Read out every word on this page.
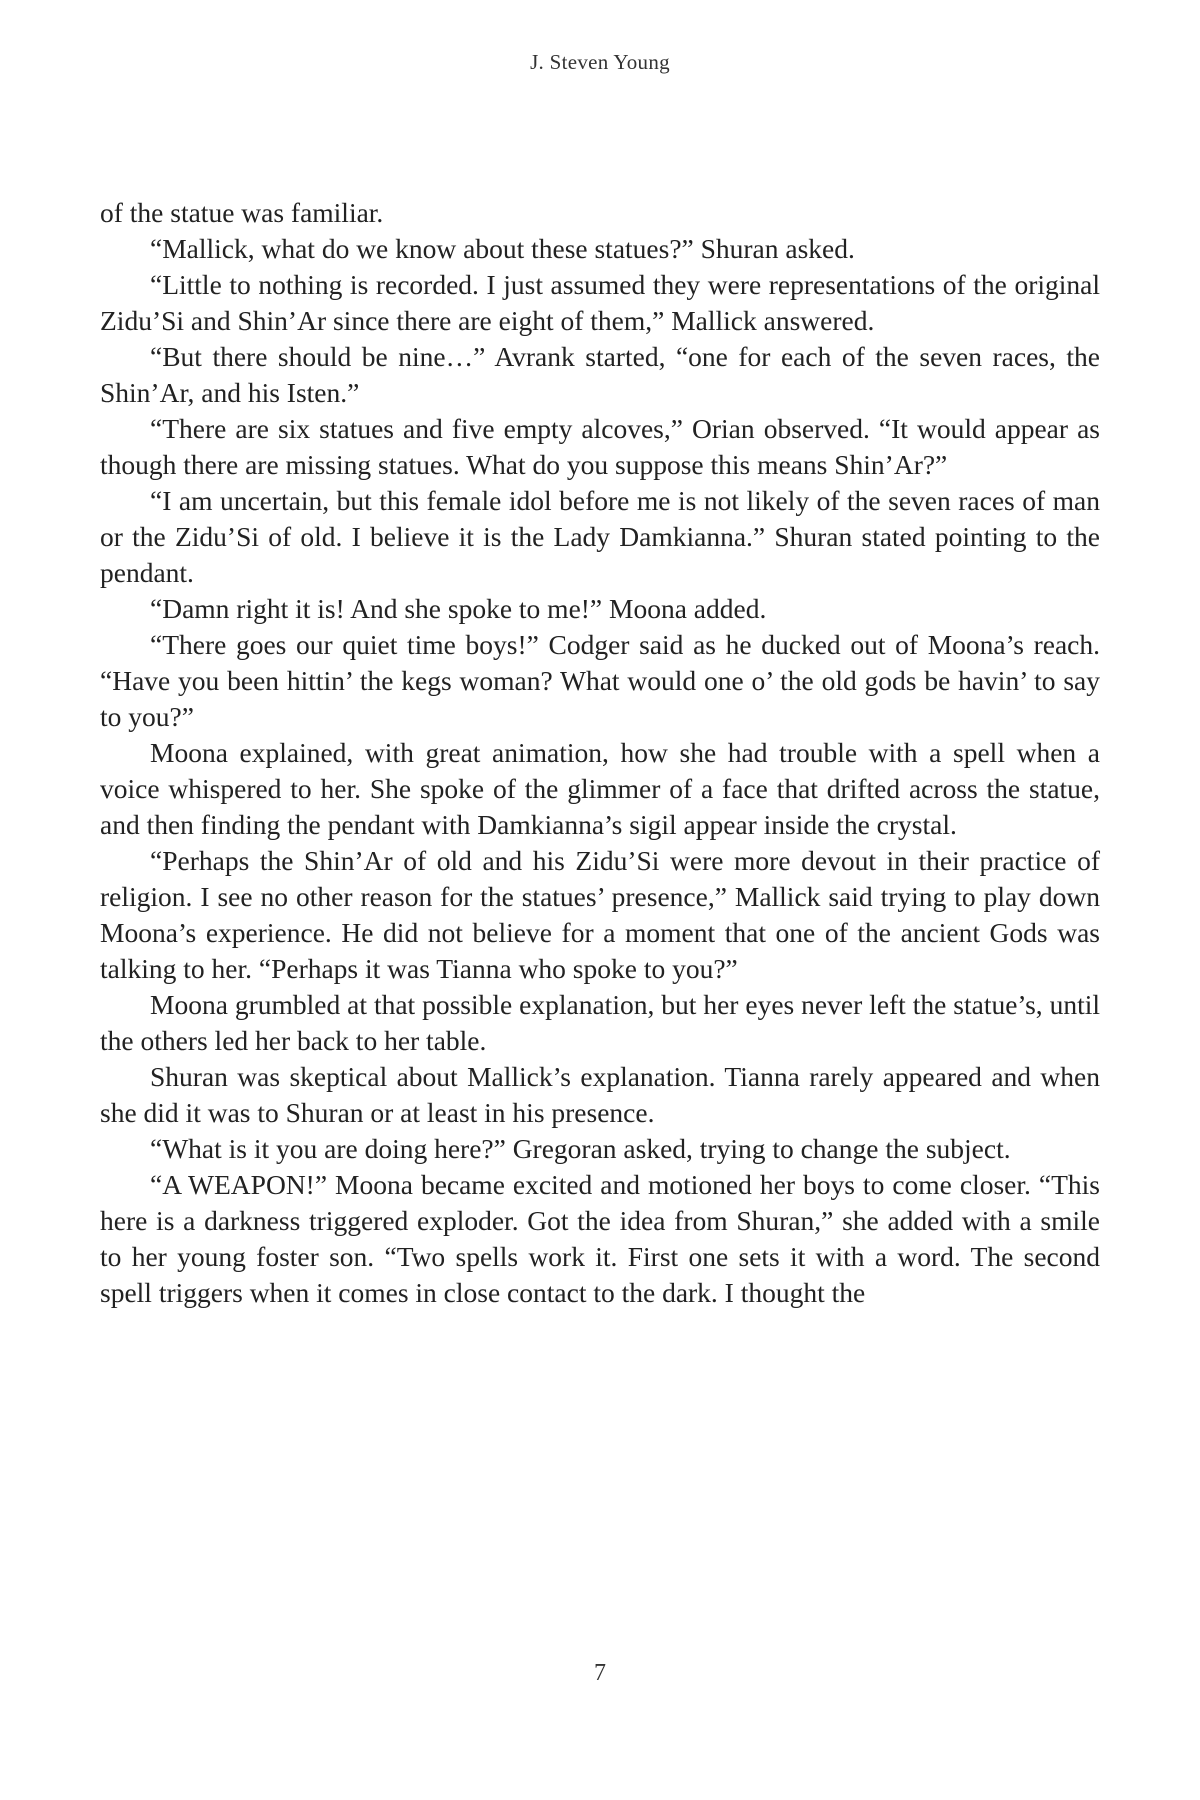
J. Steven Young

of the statue was familiar.

“Mallick, what do we know about these statues?” Shuran asked.

“Little to nothing is recorded. I just assumed they were representations of the original Zidu’Si and Shin’Ar since there are eight of them,” Mallick answered.

“But there should be nine…” Avrank started, “one for each of the seven races, the Shin’Ar, and his Isten.”

“There are six statues and five empty alcoves,” Orian observed. “It would appear as though there are missing statues. What do you suppose this means Shin’Ar?”

“I am uncertain, but this female idol before me is not likely of the seven races of man or the Zidu’Si of old. I believe it is the Lady Damkianna.” Shuran stated pointing to the pendant.

“Damn right it is! And she spoke to me!” Moona added.

“There goes our quiet time boys!” Codger said as he ducked out of Moona’s reach. “Have you been hittin’ the kegs woman? What would one o’ the old gods be havin’ to say to you?”

Moona explained, with great animation, how she had trouble with a spell when a voice whispered to her. She spoke of the glimmer of a face that drifted across the statue, and then finding the pendant with Damkianna’s sigil appear inside the crystal.

“Perhaps the Shin’Ar of old and his Zidu’Si were more devout in their practice of religion. I see no other reason for the statues’ presence,” Mallick said trying to play down Moona’s experience. He did not believe for a moment that one of the ancient Gods was talking to her. “Perhaps it was Tianna who spoke to you?”

Moona grumbled at that possible explanation, but her eyes never left the statue’s, until the others led her back to her table.

Shuran was skeptical about Mallick’s explanation. Tianna rarely appeared and when she did it was to Shuran or at least in his presence.

“What is it you are doing here?” Gregoran asked, trying to change the subject.

“A WEAPON!” Moona became excited and motioned her boys to come closer. “This here is a darkness triggered exploder. Got the idea from Shuran,” she added with a smile to her young foster son. “Two spells work it. First one sets it with a word. The second spell triggers when it comes in close contact to the dark. I thought the

7
